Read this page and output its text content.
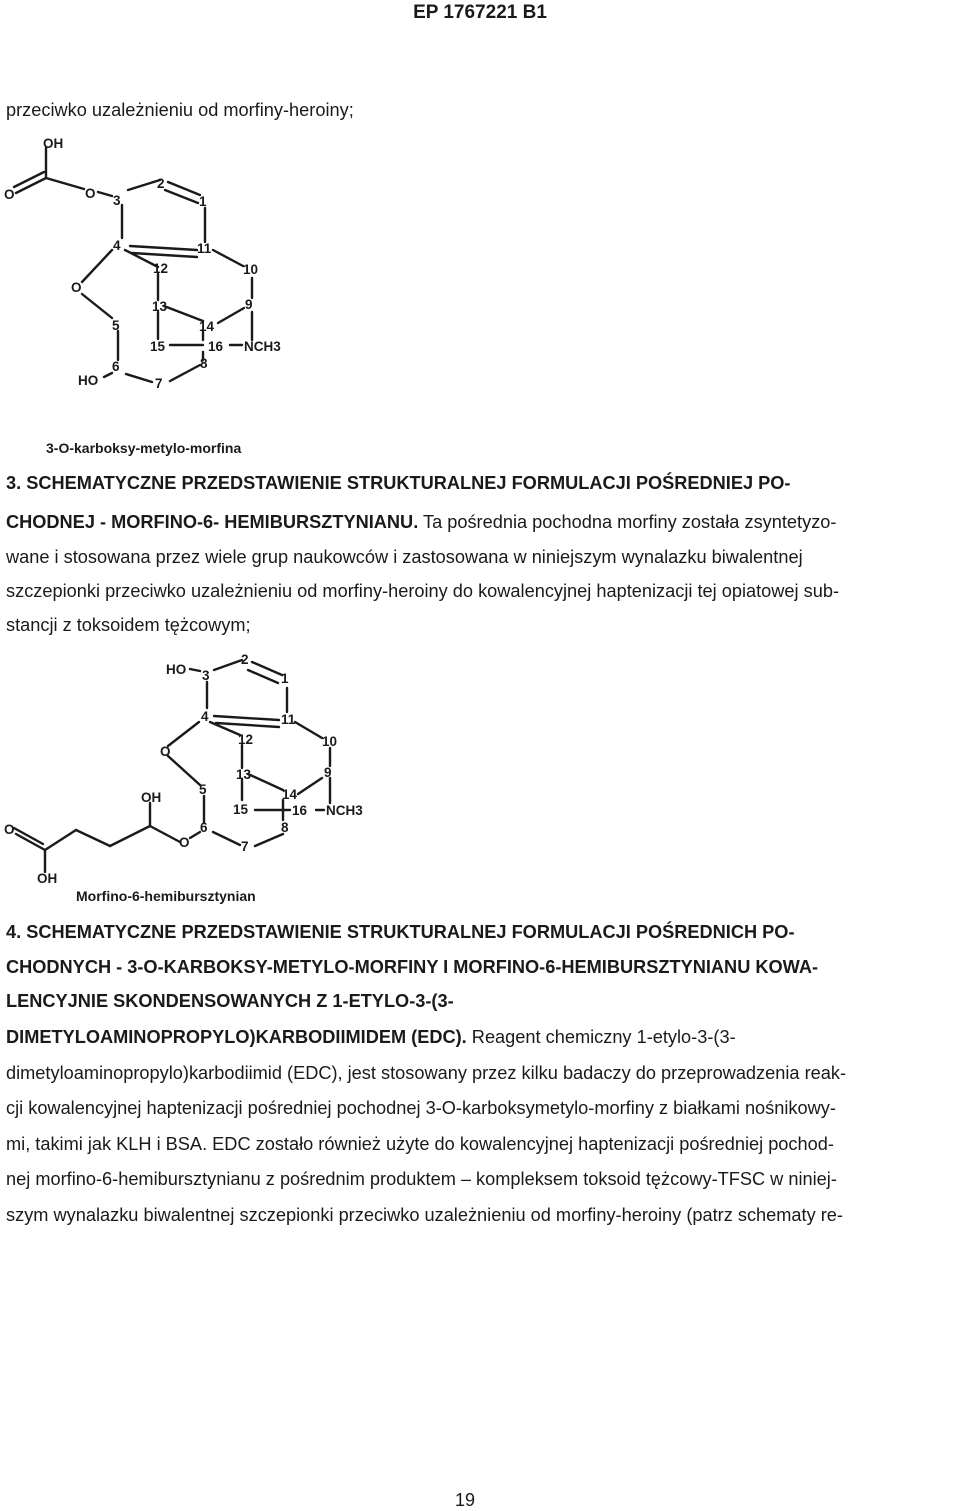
EP 1767221 B1
przeciwko uzależnieniu od morfiny-heroiny;
OH
O	O 3
2
1
4	11
12	10
O
13	9
5	14
15	16 NCH3
6	8
HO	7
3-O-karboksy-metylo-morfina
3. SCHEMATYCZNE PRZEDSTAWIENIE STRUKTURALNEJ FORMULACJI POŚREDNIEJ PO-
CHODNEJ - MORFINO-6- HEMIBURSZTYNIANU. Ta pośrednia pochodna morfiny została zsyntetyzo-
wane i stosowana przez wiele grup naukowców i zastosowana w niniejszym wynalazku biwalentnej
szczepionki przeciwko uzależnieniu od morfiny-heroiny do kowalencyjnej haptenizacji tej opiatowej sub-
stancji z toksoidem tężcowym;
HO 3
2
1
4	11
12	10
O
13	9
OH
5	14
15	16 NCH3
O	6	8
O	7
OH
Morfino-6-hemibursztynian
4. SCHEMATYCZNE PRZEDSTAWIENIE STRUKTURALNEJ FORMULACJI POŚREDNICH PO-
CHODNYCH - 3-O-KARBOKSY-METYLO-MORFINY I MORFINO-6-HEMIBURSZTYNIANU KOWA-
LENCYJNIE SKONDENSOWANYCH Z 1-ETYLO-3-(3-
DIMETYLOAMINOPROPYLO)KARBODIIMIDEM (EDC). Reagent chemiczny 1-etylo-3-(3-
dimetyloaminopropylo)karbodiimid (EDC), jest stosowany przez kilku badaczy do przeprowadzenia reak-
cji kowalencyjnej haptenizacji pośredniej pochodnej 3-O-karboksymetylo-morfiny z białkami nośnikowy-
mi, takimi jak KLH i BSA. EDC zostało również użyte do kowalencyjnej haptenizacji pośredniej pochod-
nej morfino-6-hemibursztynianu z pośrednim produktem – kompleksem toksoid tężcowy-TFSC w niniej-
szym wynalazku biwalentnej szczepionki przeciwko uzależnieniu od morfiny-heroiny (patrz schematy re-
19
